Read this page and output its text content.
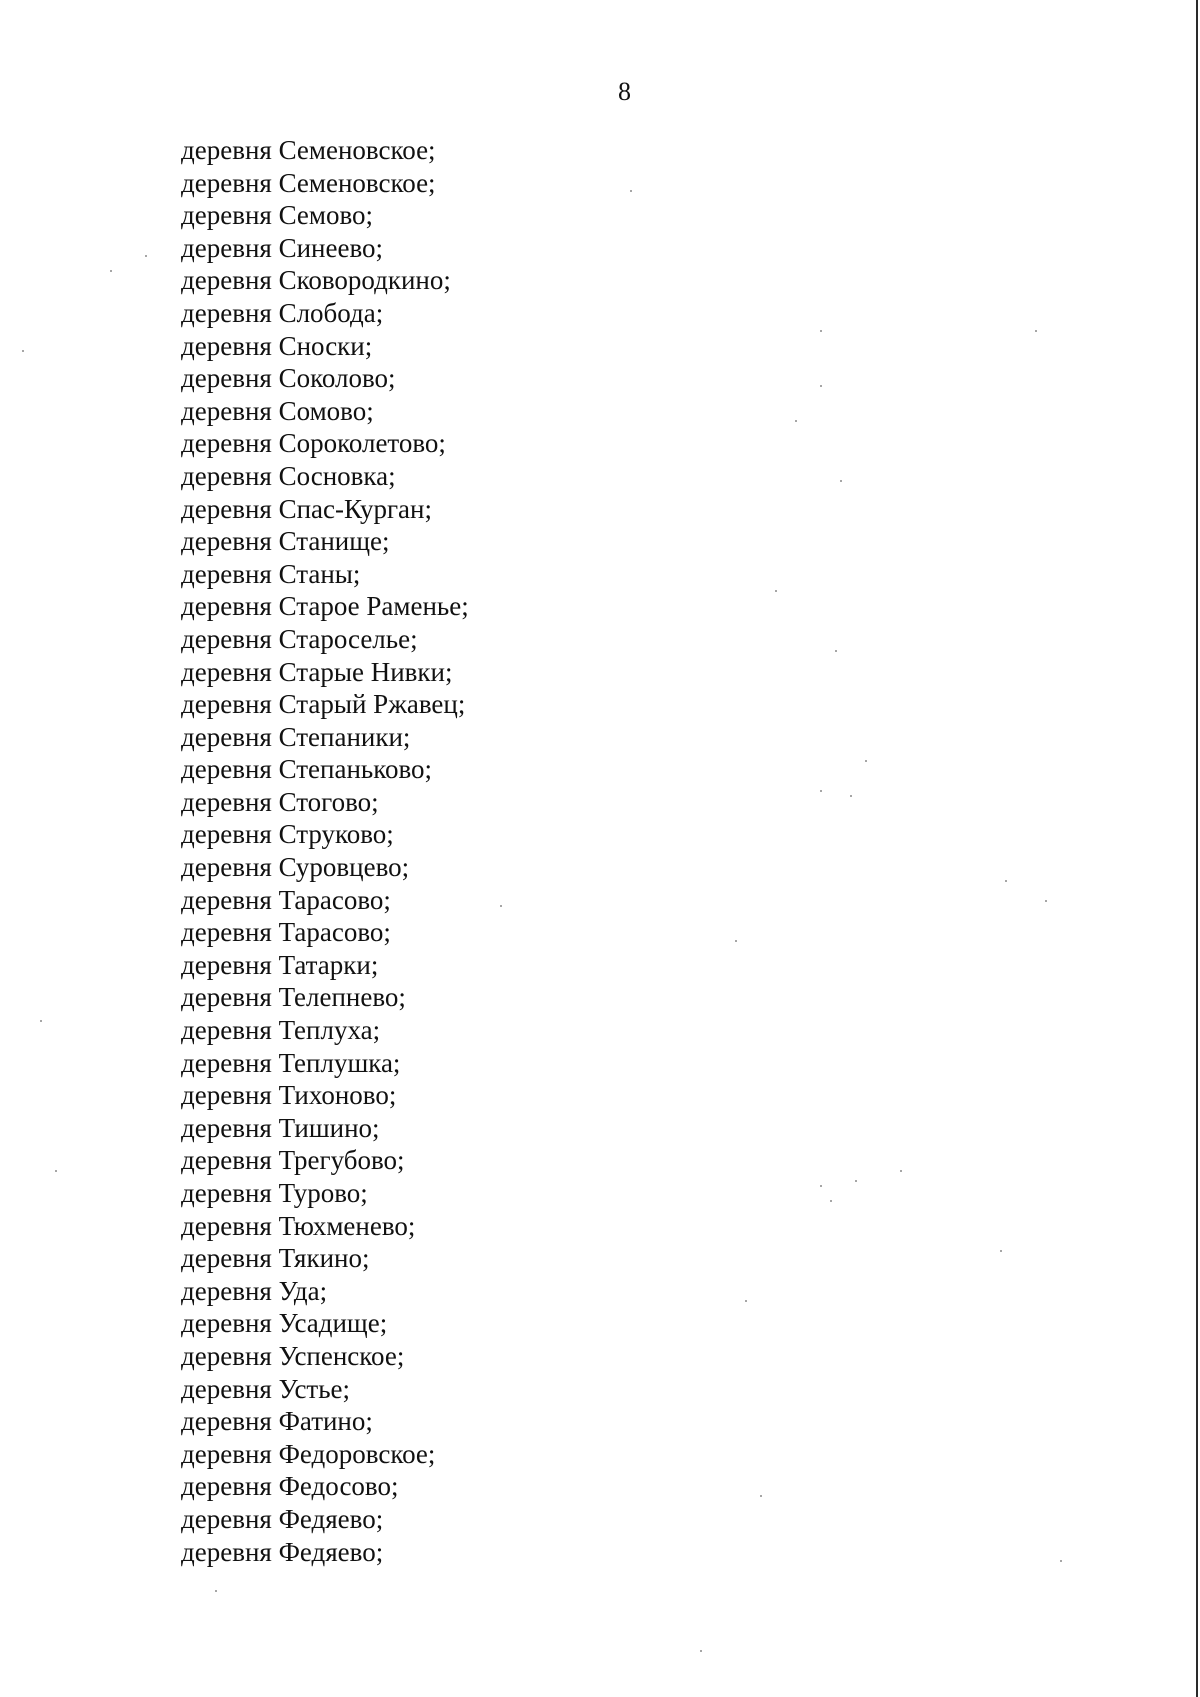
8
деревня Семеновское;
деревня Семеновское;
деревня Семово;
деревня Синеево;
деревня Сковородкино;
деревня Слобода;
деревня Сноски;
деревня Соколово;
деревня Сомово;
деревня Сороколетово;
деревня Сосновка;
деревня Спас-Курган;
деревня Станище;
деревня Станы;
деревня Старое Раменье;
деревня Староселье;
деревня Старые Нивки;
деревня Старый Ржавец;
деревня Степаники;
деревня Степаньково;
деревня Стогово;
деревня Струково;
деревня Суровцево;
деревня Тарасово;
деревня Тарасово;
деревня Татарки;
деревня Телепнево;
деревня Теплуха;
деревня Теплушка;
деревня Тихоново;
деревня Тишино;
деревня Трегубово;
деревня Турово;
деревня Тюхменево;
деревня Тякино;
деревня Уда;
деревня Усадище;
деревня Успенское;
деревня Устье;
деревня Фатино;
деревня Федоровское;
деревня Федосово;
деревня Федяево;
деревня Федяево;
